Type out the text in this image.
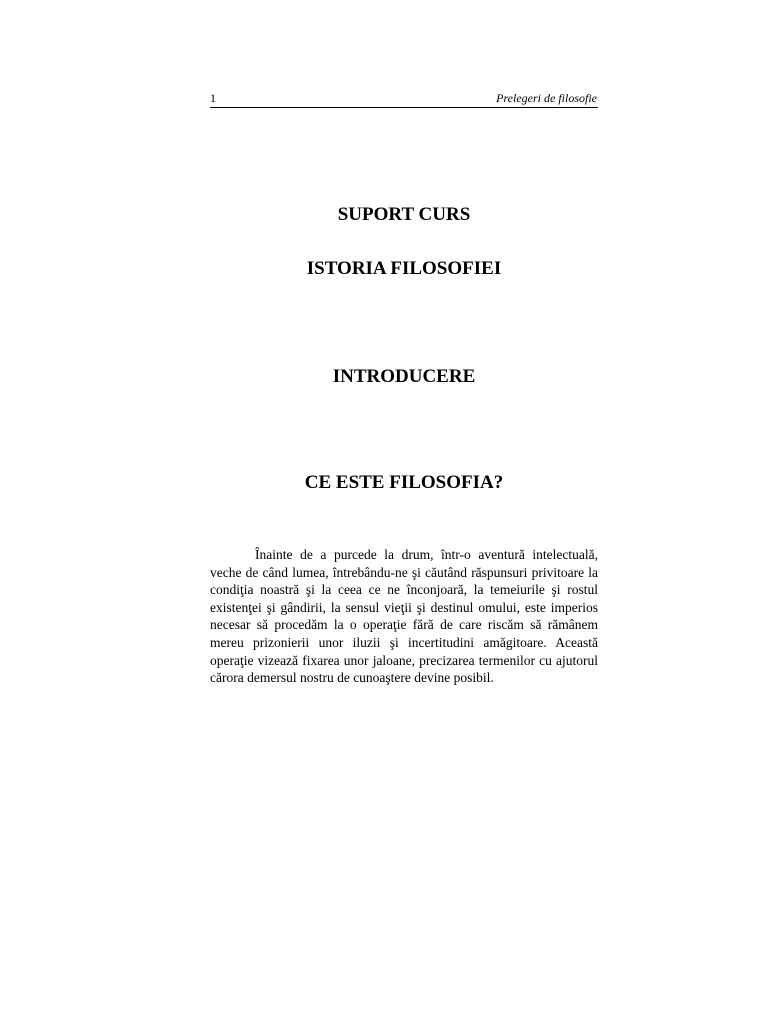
1	Prelegeri de filosofie
SUPORT CURS
ISTORIA FILOSOFIEI
INTRODUCERE
CE ESTE FILOSOFIA?

Înainte de a purcede la drum, într-o aventură intelectuală, veche de când lumea, întrebându-ne şi căutând răspunsuri privitoare la condiţia noastră şi la ceea ce ne înconjoară, la temeiurile şi rostul existenţei şi gândirii, la sensul vieţii şi destinul omului, este imperios necesar să procedăm la o operaţie fără de care riscăm să rămânem mereu prizonierii unor iluzii şi incertitudini amăgitoare. Această operaţie vizează fixarea unor jaloane, precizarea termenilor cu ajutorul cărora demersul nostru de cunoaştere devine posibil.
